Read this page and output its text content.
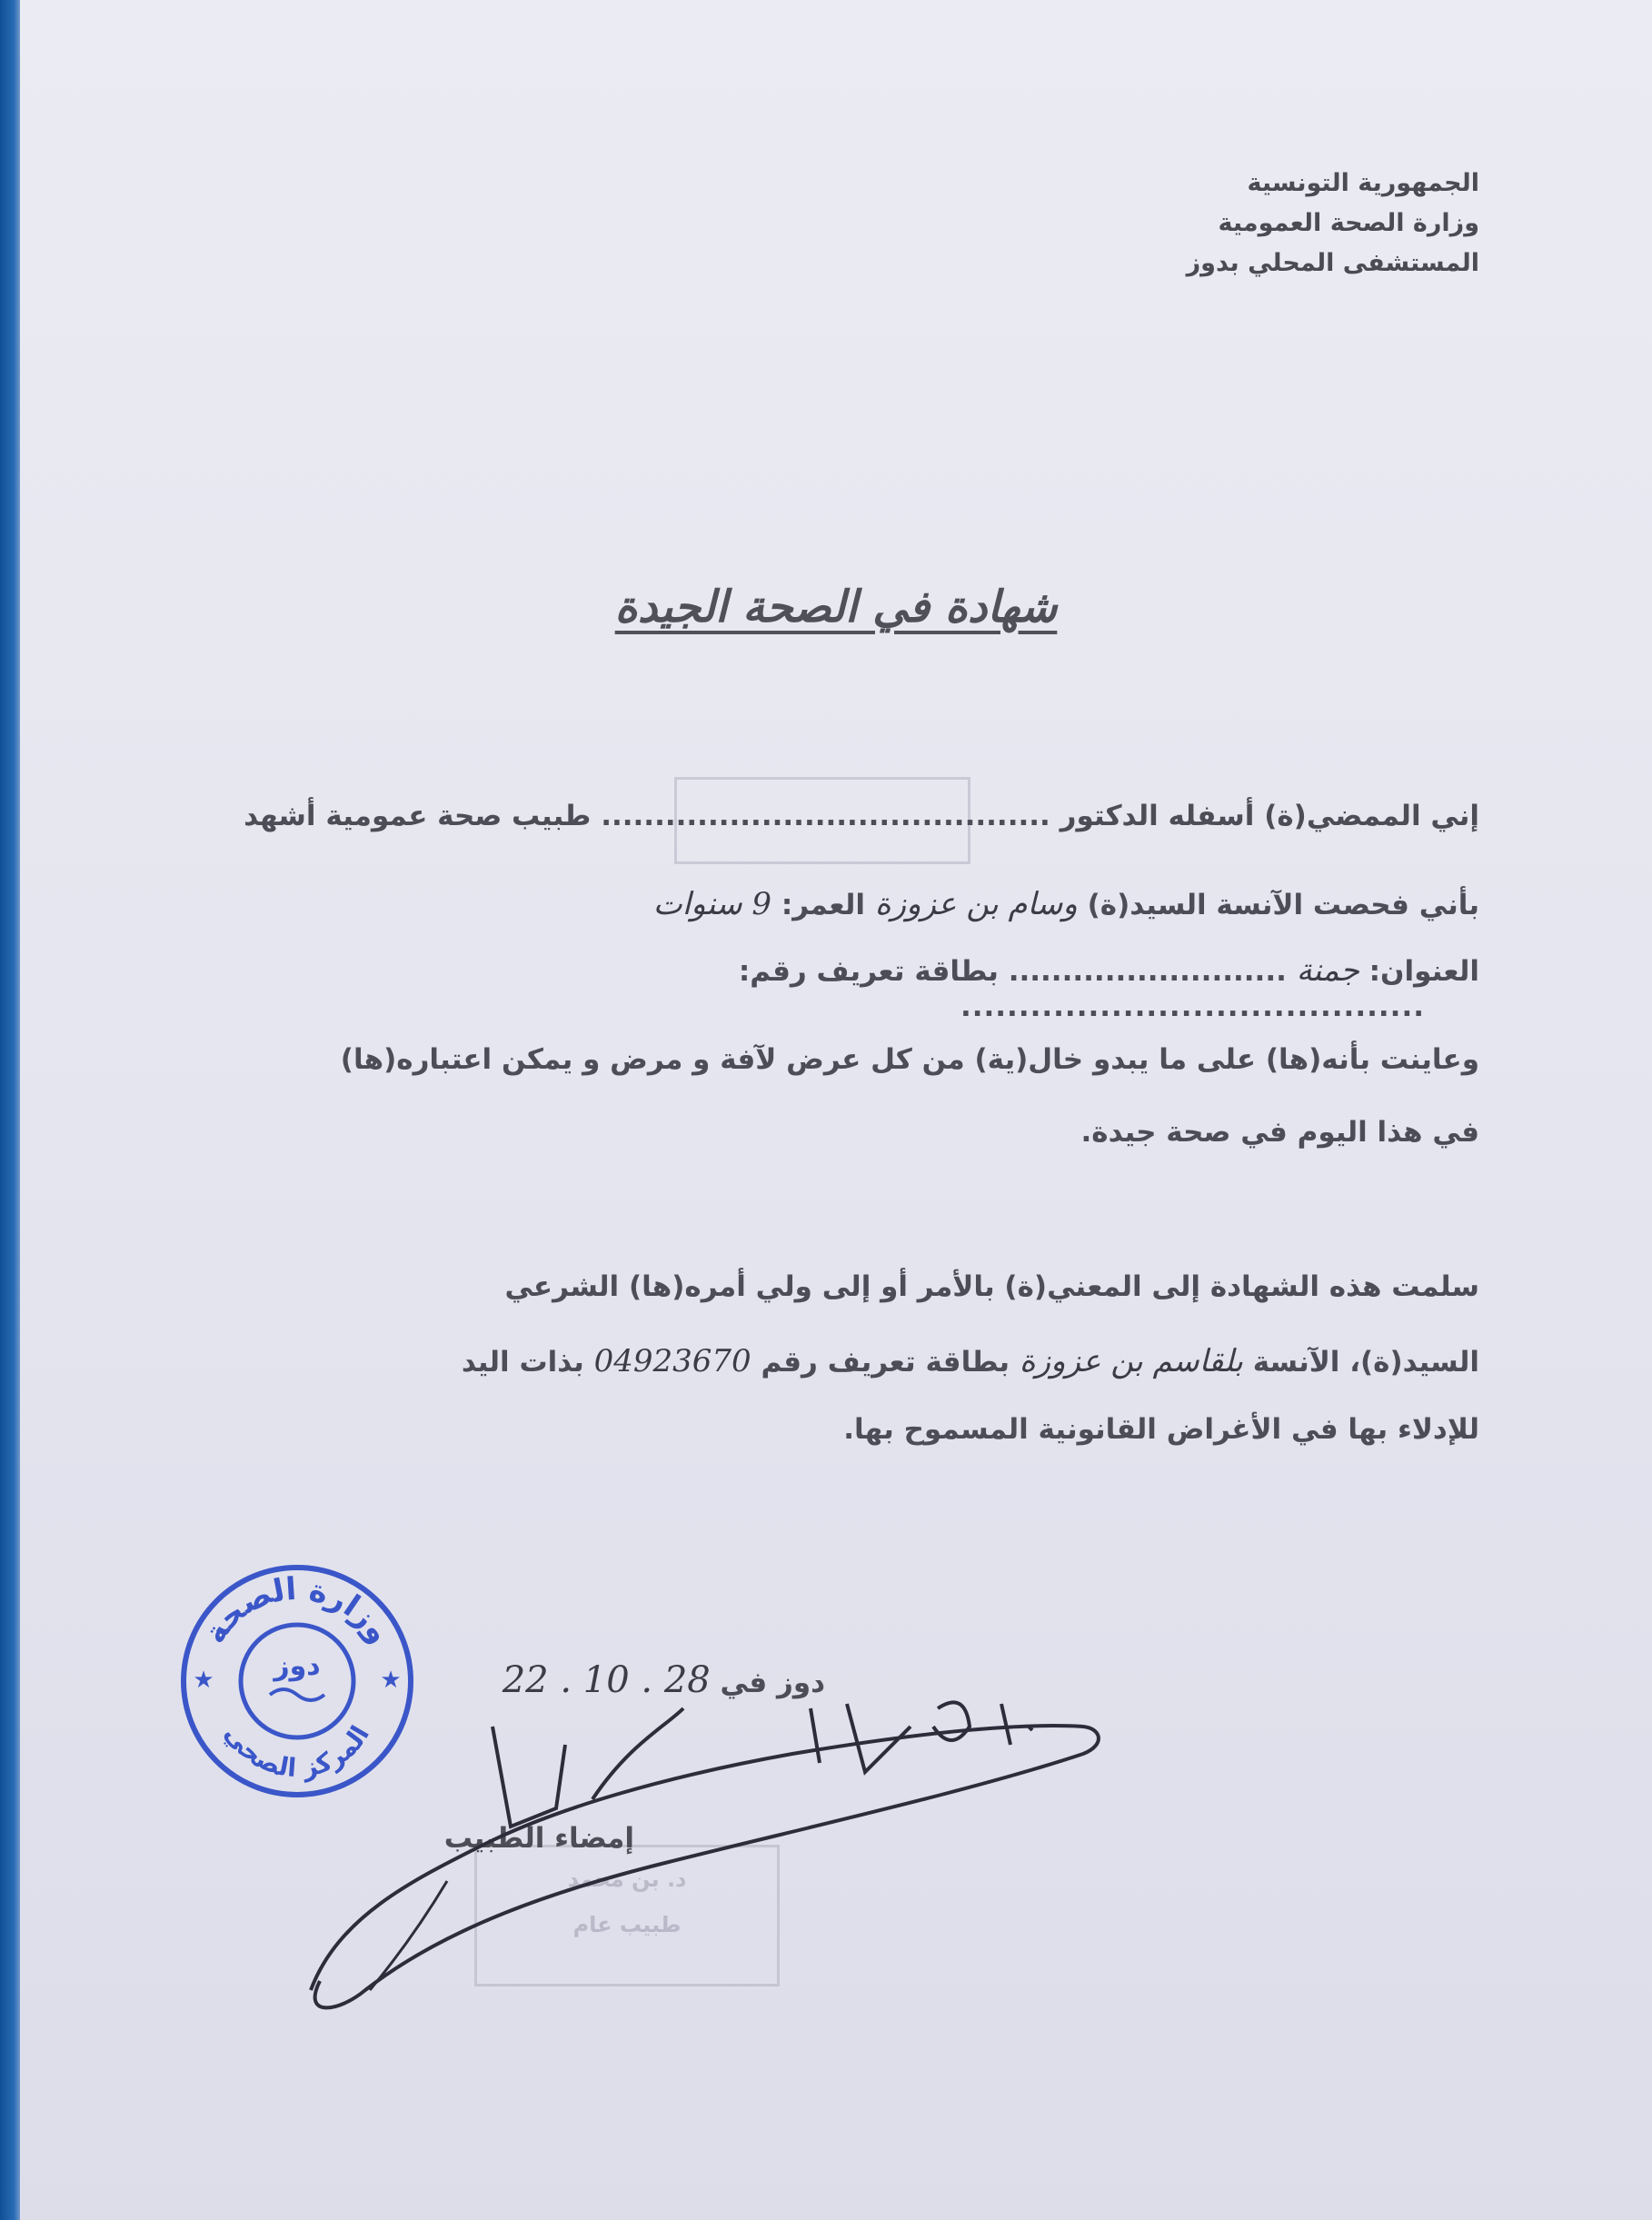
الجمهورية التونسية
وزارة الصحة العمومية
المستشفى المحلي بدوز
شهادة في الصحة الجيدة
إني الممضي(ة) أسفله الدكتور .......................................... طبيب صحة عمومية أشهد
بأني فحصت الآنسة السيد(ة) وسام بن عزوزة العمر: 9 سنوات
العنوان: جمنة .......................... بطاقة تعريف رقم:
........................................
وعاينت بأنه(ها) على ما يبدو خال(ية) من كل عرض لآفة و مرض و يمكن اعتباره(ها)
في هذا اليوم في صحة جيدة.
سلمت هذه الشهادة إلى المعني(ة) بالأمر أو إلى ولي أمره(ها) الشرعي
السيد(ة)، الآنسة بلقاسم بن عزوزة بطاقة تعريف رقم 04923670 بذات اليد
للإدلاء بها في الأغراض القانونية المسموح بها.
دوز في 22 . 10 . 28
د. بن محمد
طبيب عام
إمضاء الطبيب
وزارة الصحة
المركز الصحي
دوز
★	★
